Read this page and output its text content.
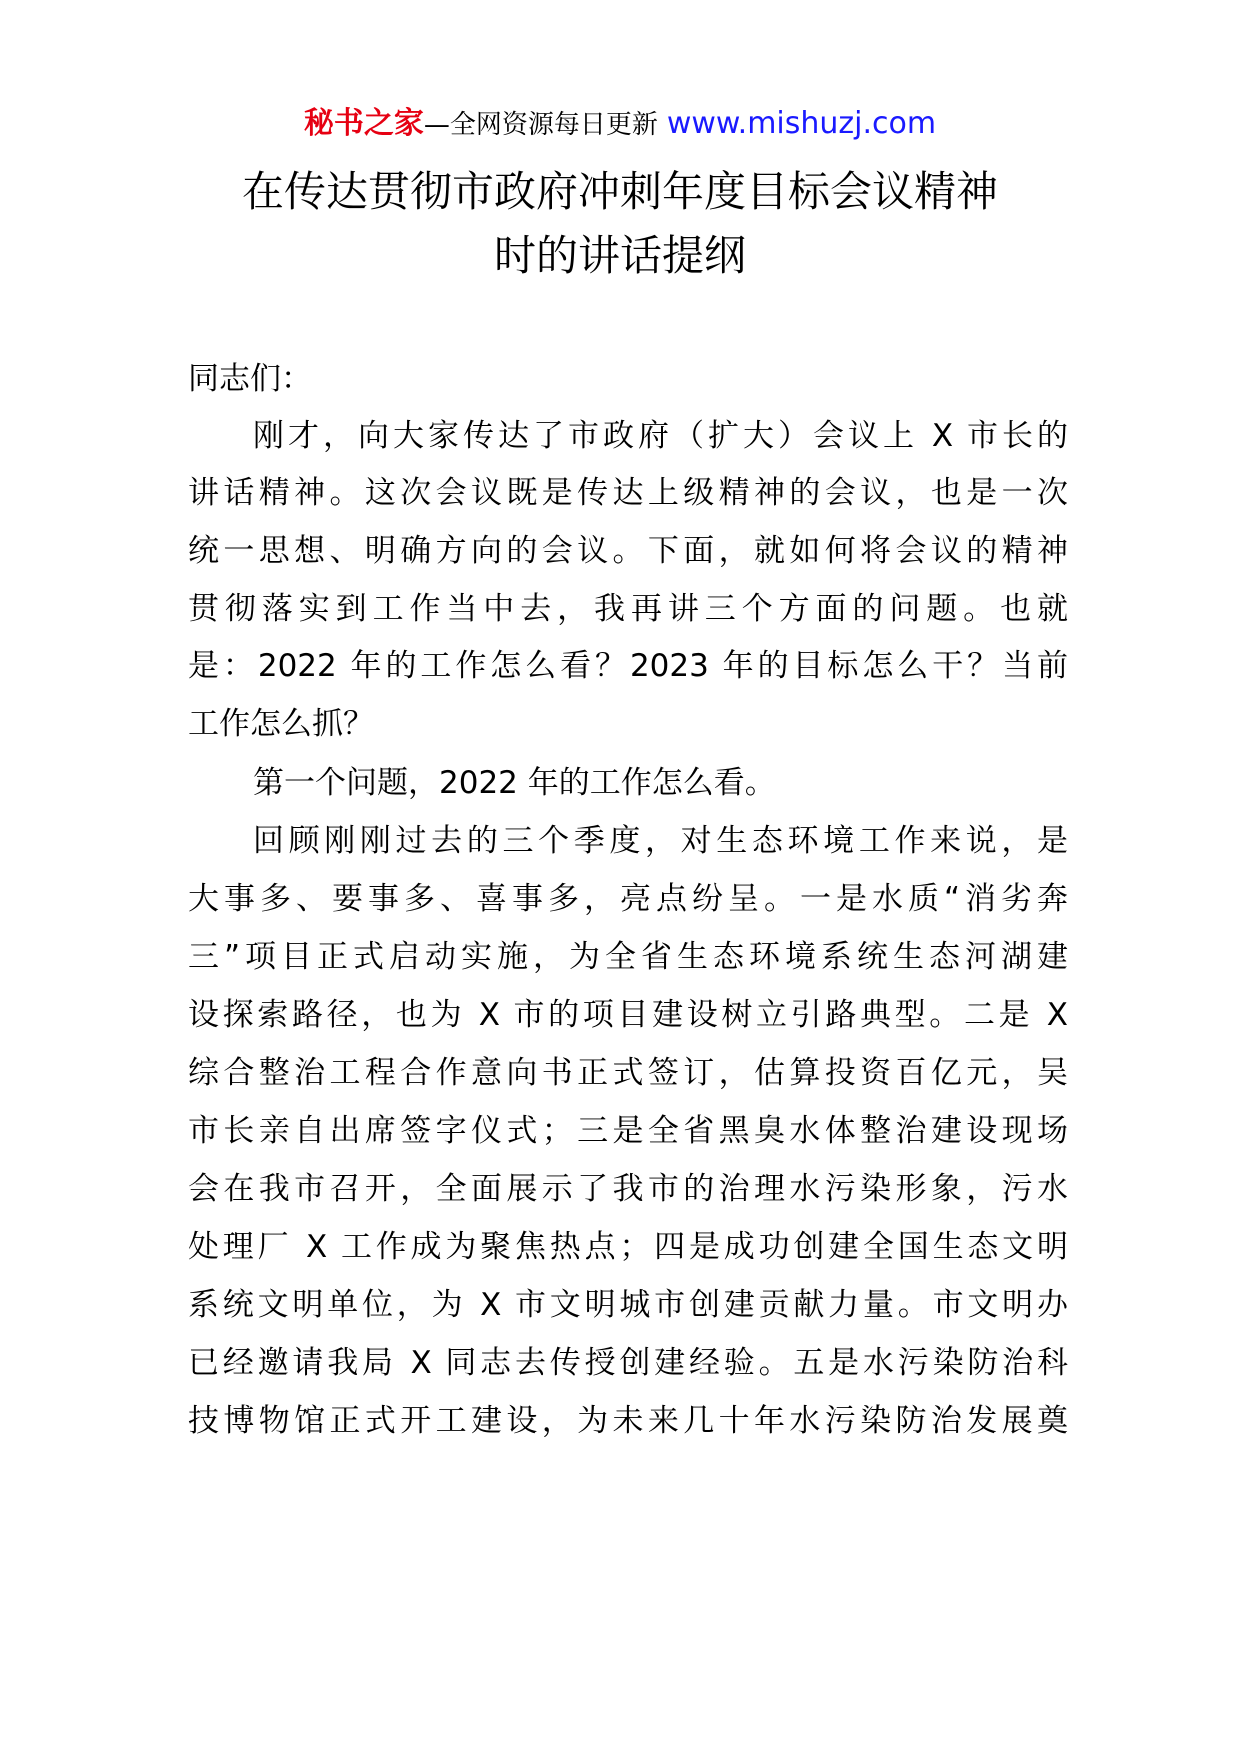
秘书之家—全网资源每日更新 www.mishuzj.com
在传达贯彻市政府冲刺年度目标会议精神
时的讲话提纲
同志们：
刚才，向大家传达了市政府（扩大）会议上 X 市长的
讲话精神。这次会议既是传达上级精神的会议，也是一次
统一思想、明确方向的会议。下面，就如何将会议的精神
贯彻落实到工作当中去，我再讲三个方面的问题。也就
是：2022 年的工作怎么看？2023 年的目标怎么干？当前
工作怎么抓？
第一个问题，2022 年的工作怎么看。
回顾刚刚过去的三个季度，对生态环境工作来说，是
大事多、要事多、喜事多，亮点纷呈。一是水质“消劣奔
三”项目正式启动实施，为全省生态环境系统生态河湖建
设探索路径，也为 X 市的项目建设树立引路典型。二是 X
综合整治工程合作意向书正式签订，估算投资百亿元，吴
市长亲自出席签字仪式；三是全省黑臭水体整治建设现场
会在我市召开，全面展示了我市的治理水污染形象，污水
处理厂 X 工作成为聚焦热点；四是成功创建全国生态文明
系统文明单位，为 X 市文明城市创建贡献力量。市文明办
已经邀请我局 X 同志去传授创建经验。五是水污染防治科
技博物馆正式开工建设，为未来几十年水污染防治发展奠
